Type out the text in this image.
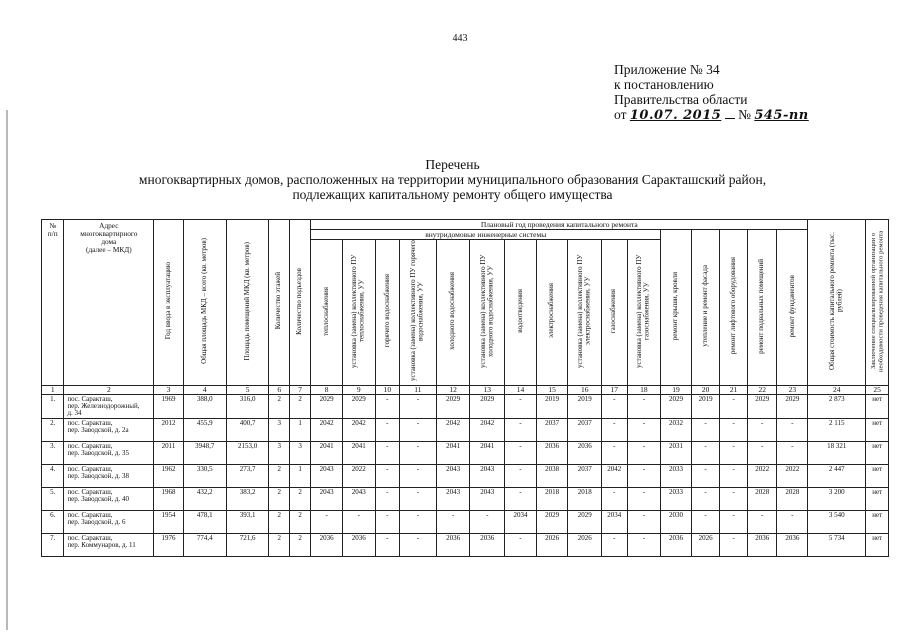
443
Приложение № 34
к постановлению
Правительства области
от 10.07. 2015 № 545-пп
Перечень
многоквартирных домов, расположенных на территории муниципального образования Саракташский район,
подлежащих капитальному ремонту общего имущества
№
п/п	Адрес
многоквартирного
дома
(далее – МКД)	Год ввода в эксплуатацию	Общая площадь МКД – всего (кв. метров)	Площадь помещений МКД (кв. метров)	Количество этажей	Количество подъездов	Плановый год проведения капитального ремонта																Общая стоимость капитального ремонта (тыс. рублей)	Заключение специализированной организации о необходимости проведения капитального ремонта
							внутридомовые инженерные системы											ремонт крыши, кровли	утепление и ремонт фасада	ремонт лифтового оборудования	ремонт подвальных помещений	ремонт фундаментов		
							теплоснабжения	установка (замена) коллективного ПУ теплоснабжения, УУ	горячего водоснабжения	установка (замена) коллективного ПУ горячего водоснабжения, УУ	холодного водоснабжения	установка (замена) коллективного ПУ холодного водоснабжения, УУ	водоотведения	электроснабжения	установка (замена) коллективного ПУ электроснабжения, УУ	газоснабжения	установка (замена) коллективного ПУ газоснабжения, УУ							
1	2	3	4	5	6	7	8	9	10	11	12	13	14	15	16	17	18	19	20	21	22	23	24	25
1.	пос. Саракташ,
пер. Железнодорожный,
д. 34	1969	388,0	316,0	2	2	2029	2029	-	-	2029	2029	-	2019	2019	-	-	2029	2019	-	2029	2029	2 873	нет
2.	пос. Саракташ,
пер. Заводской, д. 2а	2012	455,9	400,7	3	1	2042	2042	-	-	2042	2042	-	2037	2037	-	-	2032	-	-	-	-	2 115	нет
3.	пос. Саракташ,
пер. Заводской, д. 35	2011	3948,7	2153,0	3	3	2041	2041	-	-	2041	2041	-	2036	2036	-	-	2031	-	-	-	-	18 321	нет
4.	пос. Саракташ,
пер. Заводской, д. 38	1962	330,5	273,7	2	1	2043	2022	-	-	2043	2043	-	2038	2037	2042	-	2033	-	-	2022	2022	2 447	нет
5.	пос. Саракташ,
пер. Заводской, д. 40	1968	432,2	383,2	2	2	2043	2043	-	-	2043	2043	-	2018	2018	-	-	2033	-	-	2028	2028	3 200	нет
6.	пос. Саракташ,
пер. Заводской, д. 6	1954	478,1	393,1	2	2	-	-	-	-	-	-	2034	2029	2029	2034	-	2030	-	-	-	-	3 540	нет
7.	пос. Саракташ,
пер. Коммунаров, д. 11	1976	774,4	721,6	2	2	2036	2036	-	-	2036	2036	-	2026	2026	-	-	2036	2026	-	2036	2036	5 734	нет
